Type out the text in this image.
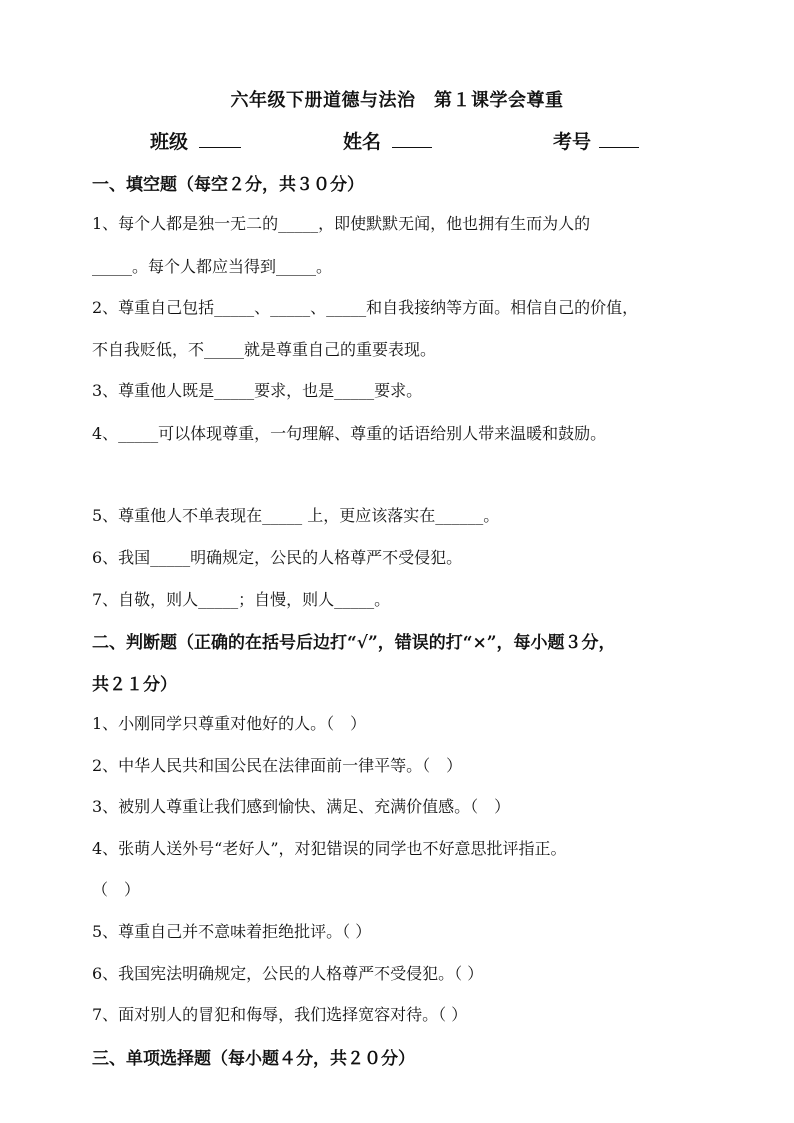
六年级下册道德与法治　第１课学会尊重
班级	姓名	考号
一、填空题（每空２分，共３０分）
1、每个人都是独一无二的_____，即使默默无闻，他也拥有生而为人的
_____。每个人都应当得到_____。
2、尊重自己包括_____、_____、_____和自我接纳等方面。相信自己的价值，
不自我贬低，不_____就是尊重自己的重要表现。
3、尊重他人既是_____要求，也是_____要求。
4、_____可以体现尊重，一句理解、尊重的话语给别人带来温暖和鼓励。
5、尊重他人不单表现在_____ 上，更应该落实在______。
6、我国_____明确规定，公民的人格尊严不受侵犯。
7、自敬，则人_____；自慢，则人_____。
二、判断题（正确的在括号后边打“√”，错误的打“×”，每小题３分，
共２１分）
1、小刚同学只尊重对他好的人。（　）
2、中华人民共和国公民在法律面前一律平等。（　）
3、被别人尊重让我们感到愉快、满足、充满价值感。（　）
4、张萌人送外号“老好人”，对犯错误的同学也不好意思批评指正。
（　）
5、尊重自己并不意味着拒绝批评。（ ）
6、我国宪法明确规定，公民的人格尊严不受侵犯。（ ）
7、面对别人的冒犯和侮辱，我们选择宽容对待。（ ）
三、单项选择题（每小题４分，共２０分）
